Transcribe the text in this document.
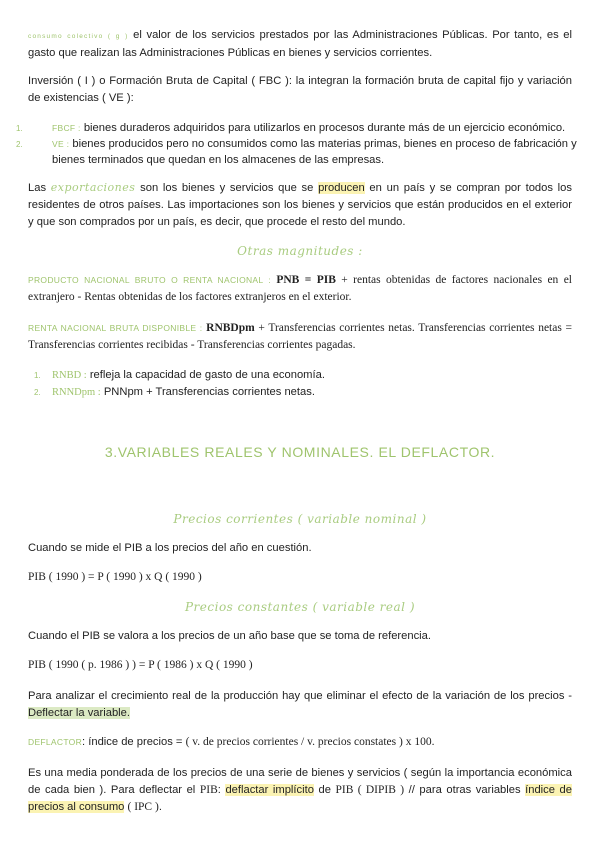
consumo colectivo ( g ) el valor de los servicios prestados por las Administraciones Públicas. Por tanto, es el gasto que realizan las Administraciones Públicas en bienes y servicios corrientes.
Inversión ( I ) o Formación Bruta de Capital ( FBC ): la integran la formación bruta de capital fijo y variación de existencias ( VE ):
1.	FBCF : bienes duraderos adquiridos para utilizarlos en procesos durante más de un ejercicio económico.
2.	VE : bienes producidos pero no consumidos como las materias primas, bienes en proceso de fabricación y bienes terminados que quedan en los almacenes de las empresas.
Las exportaciones son los bienes y servicios que se producen en un país y se compran por todos los residentes de otros países. Las importaciones son los bienes y servicios que están producidos en el exterior y que son comprados por un país, es decir, que procede el resto del mundo.
Otras magnitudes :
PRODUCTO NACIONAL BRUTO O RENTA NACIONAL : PNB = PIB + rentas obtenidas de factores nacionales en el extranjero - Rentas obtenidas de los factores extranjeros en el exterior.
RENTA NACIONAL BRUTA DISPONIBLE : RNBDpm + Transferencias corrientes netas. Transferencias corrientes netas = Transferencias corrientes recibidas - Transferencias corrientes pagadas.
1. RNBD : refleja la capacidad de gasto de una economía.
2. RNNDpm : PNNpm + Transferencias corrientes netas.
3.VARIABLES REALES Y NOMINALES. EL DEFLACTOR.
Precios corrientes ( variable nominal )
Cuando se mide el PIB a los precios del año en cuestión.
PIB ( 1990 ) = P ( 1990 ) x Q ( 1990 )
Precios constantes ( variable real )
Cuando el PIB se valora a los precios de un año base que se toma de referencia.
PIB ( 1990 ( p. 1986 ) ) = P ( 1986 ) x Q ( 1990 )
Para analizar el crecimiento real de la producción hay que eliminar el efecto de la variación de los precios - Deflectar la variable.
DEFLACTOR: índice de precios = ( v. de precios corrientes / v. precios constates ) x 100.
Es una media ponderada de los precios de una serie de bienes y servicios ( según la importancia económica de cada bien ). Para deflectar el PIB: deflactar implícito de PIB ( DIPIB ) // para otras variables índice de precios al consumo ( IPC ).
